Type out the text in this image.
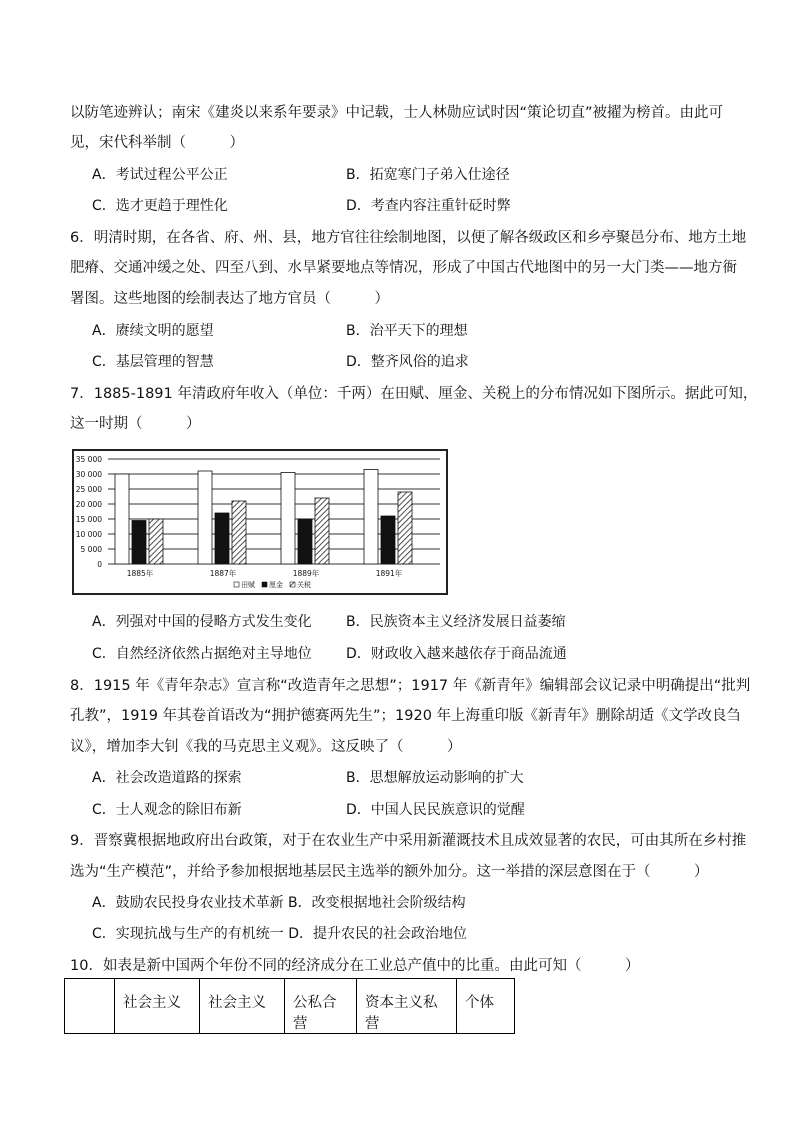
以防笔迹辨认；南宋《建炎以来系年要录》中记载，士人林勋应试时因“策论切直”被擢为榜首。由此可
见，宋代科举制（　　　）
A．考试过程公平公正	B．拓宽寒门子弟入仕途径
C．选才更趋于理性化	D．考查内容注重针砭时弊
6．明清时期，在各省、府、州、县，地方官往往绘制地图，以便了解各级政区和乡亭聚邑分布、地方土地
肥瘠、交通冲缓之处、四至八到、水旱紧要地点等情况，形成了中国古代地图中的另一大门类——地方衙
署图。这些地图的绘制表达了地方官员（　　　）
A．赓续文明的愿望	B．治平天下的理想
C．基层管理的智慧	D．整齐风俗的追求
7．1885-1891 年清政府年收入（单位：千两）在田赋、厘金、关税上的分布情况如下图所示。据此可知，
这一时期（　　　）
0
5 000
10 000
15 000
20 000
25 000
30 000
35 000
1885年	1887年	1889年	1891年
田赋 厘金 关税
A．列强对中国的侵略方式发生变化 B．民族资本主义经济发展日益萎缩
C．自然经济依然占据绝对主导地位 D．财政收入越来越依存于商品流通
8．1915 年《青年杂志》宣言称“改造青年之思想”；1917 年《新青年》编辑部会议记录中明确提出“批判
孔教”，1919 年其卷首语改为“拥护德赛两先生”；1920 年上海重印版《新青年》删除胡适《文学改良刍
议》，增加李大钊《我的马克思主义观》。这反映了（　　　）
A．社会改造道路的探索	B．思想解放运动影响的扩大
C．士人观念的除旧布新	D．中国人民民族意识的觉醒
9．晋察冀根据地政府出台政策，对于在农业生产中采用新灌溉技术且成效显著的农民，可由其所在乡村推
选为“生产模范”，并给予参加根据地基层民主选举的额外加分。这一举措的深层意图在于（　　　）
A．鼓励农民投身农业技术革新 B．改变根据地社会阶级结构
C．实现抗战与生产的有机统一 D．提升农民的社会政治地位
10．如表是新中国两个年份不同的经济成分在工业总产值中的比重。由此可知（　　　）
	社会主义	社会主义	公私合营	资本主义私营	个体
